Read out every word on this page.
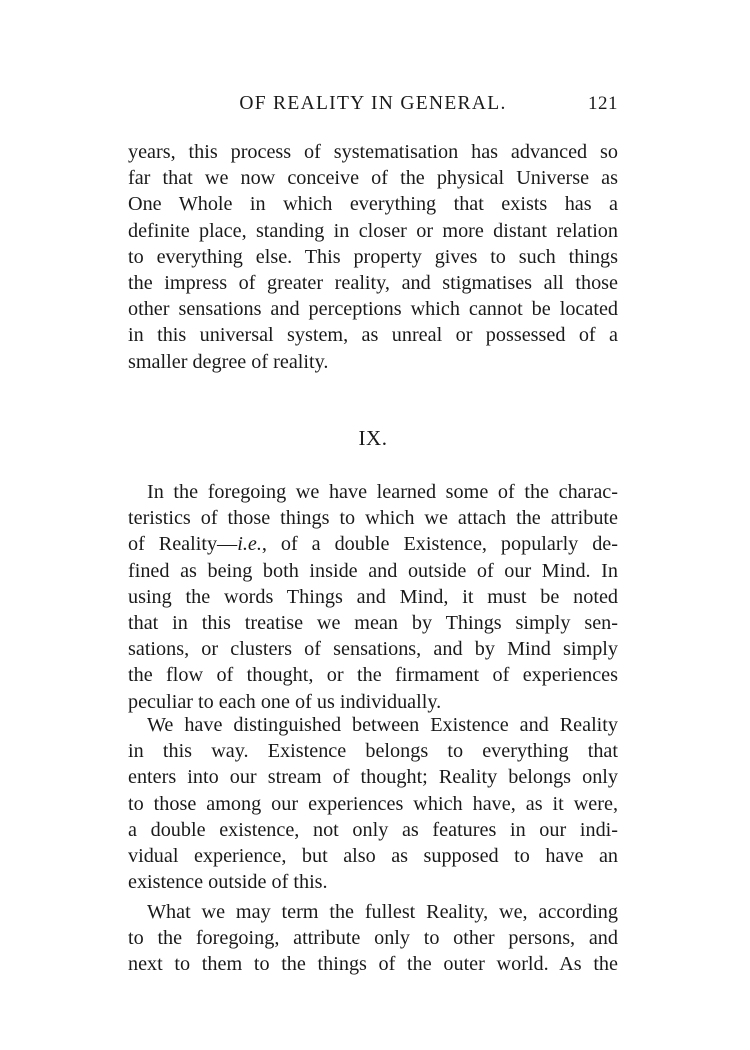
OF REALITY IN GENERAL.	121
years, this process of systematisation has advanced so
far that we now conceive of the physical Universe as
One Whole in which everything that exists has a
definite place, standing in closer or more distant relation
to everything else. This property gives to such things
the impress of greater reality, and stigmatises all those
other sensations and perceptions which cannot be located
in this universal system, as unreal or possessed of a
smaller degree of reality.
IX.
In the foregoing we have learned some of the charac-
teristics of those things to which we attach the attribute
of Reality—i.e., of a double Existence, popularly de-
fined as being both inside and outside of our Mind. In
using the words Things and Mind, it must be noted
that in this treatise we mean by Things simply sen-
sations, or clusters of sensations, and by Mind simply
the flow of thought, or the firmament of experiences
peculiar to each one of us individually.
We have distinguished between Existence and Reality
in this way. Existence belongs to everything that
enters into our stream of thought; Reality belongs only
to those among our experiences which have, as it were,
a double existence, not only as features in our indi-
vidual experience, but also as supposed to have an
existence outside of this.
What we may term the fullest Reality, we, according
to the foregoing, attribute only to other persons, and
next to them to the things of the outer world. As the
